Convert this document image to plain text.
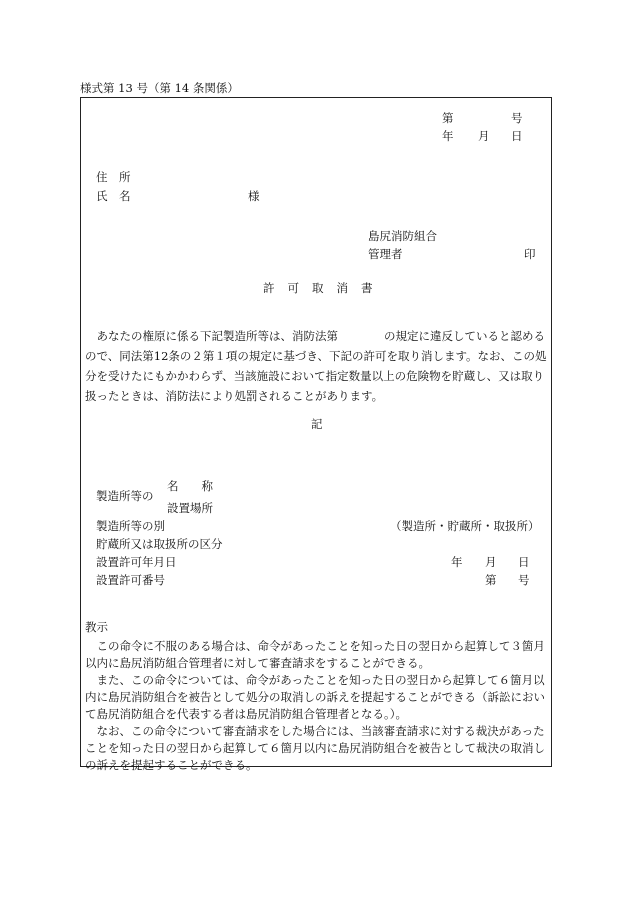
様式第 13 号（第 14 条関係）
第	号
年 月 日
住　所
氏　名	様
島尻消防組合
管理者	印
許可取消書
あなたの権原に係る下記製造所等は、消防法第　　　　の規定に違反していると認めるので、同法第12条の２第１項の規定に基づき、下記の許可を取り消します。なお、この処分を受けたにもかかわらず、当該施設において指定数量以上の危険物を貯蔵し、又は取り扱ったときは、消防法により処罰されることがあります。
記
名　　称
製造所等の
設置場所
製造所等の別	（製造所・貯蔵所・取扱所）
貯蔵所又は取扱所の区分
設置許可年月日	年 月 日
設置許可番号	第 号
教示
この命令に不服のある場合は、命令があったことを知った日の翌日から起算して３箇月以内に島尻消防組合管理者に対して審査請求をすることができる。
また、この命令については、命令があったことを知った日の翌日から起算して６箇月以内に島尻消防組合を被告として処分の取消しの訴えを提起することができる（訴訟において島尻消防組合を代表する者は島尻消防組合管理者となる。）。
なお、この命令について審査請求をした場合には、当該審査請求に対する裁決があったことを知った日の翌日から起算して６箇月以内に島尻消防組合を被告として裁決の取消しの訴えを提起することができる。
